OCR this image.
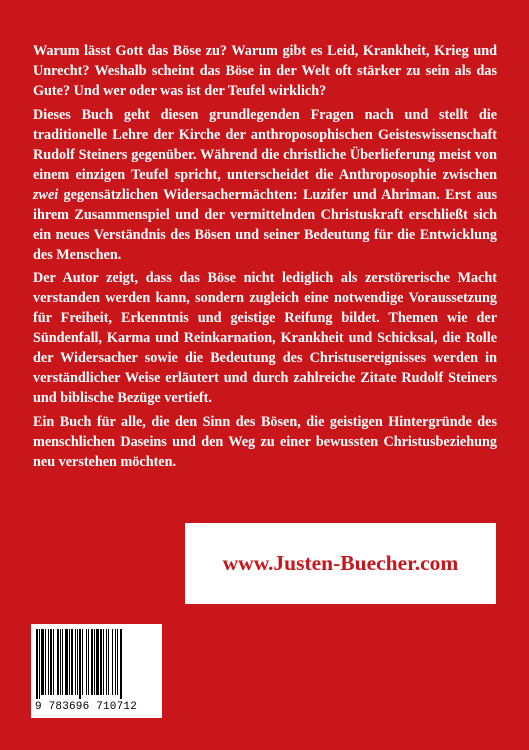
Warum lässt Gott das Böse zu? Warum gibt es Leid, Krankheit, Krieg und Unrecht? Weshalb scheint das Böse in der Welt oft stärker zu sein als das Gute? Und wer oder was ist der Teufel wirklich?

Dieses Buch geht diesen grundlegenden Fragen nach und stellt die traditionelle Lehre der Kirche der anthroposophischen Geisteswissenschaft Rudolf Steiners gegenüber. Während die christliche Überlieferung meist von einem einzigen Teufel spricht, unterscheidet die Anthroposophie zwischen zwei gegensätzlichen Widersachermächten: Luzifer und Ahriman. Erst aus ihrem Zusammenspiel und der vermittelnden Christuskraft erschließt sich ein neues Verständnis des Bösen und seiner Bedeutung für die Entwicklung des Menschen.

Der Autor zeigt, dass das Böse nicht lediglich als zerstörerische Macht verstanden werden kann, sondern zugleich eine notwendige Voraussetzung für Freiheit, Erkenntnis und geistige Reifung bildet. Themen wie der Sündenfall, Karma und Reinkarnation, Krankheit und Schicksal, die Rolle der Widersacher sowie die Bedeutung des Christusereignisses werden in verständlicher Weise erläutert und durch zahlreiche Zitate Rudolf Steiners und biblische Bezüge vertieft.

Ein Buch für alle, die den Sinn des Bösen, die geistigen Hintergründe des menschlichen Daseins und den Weg zu einer bewussten Christusbeziehung neu verstehen möchten.

www.Justen-Buecher.com
9 783696 710712
